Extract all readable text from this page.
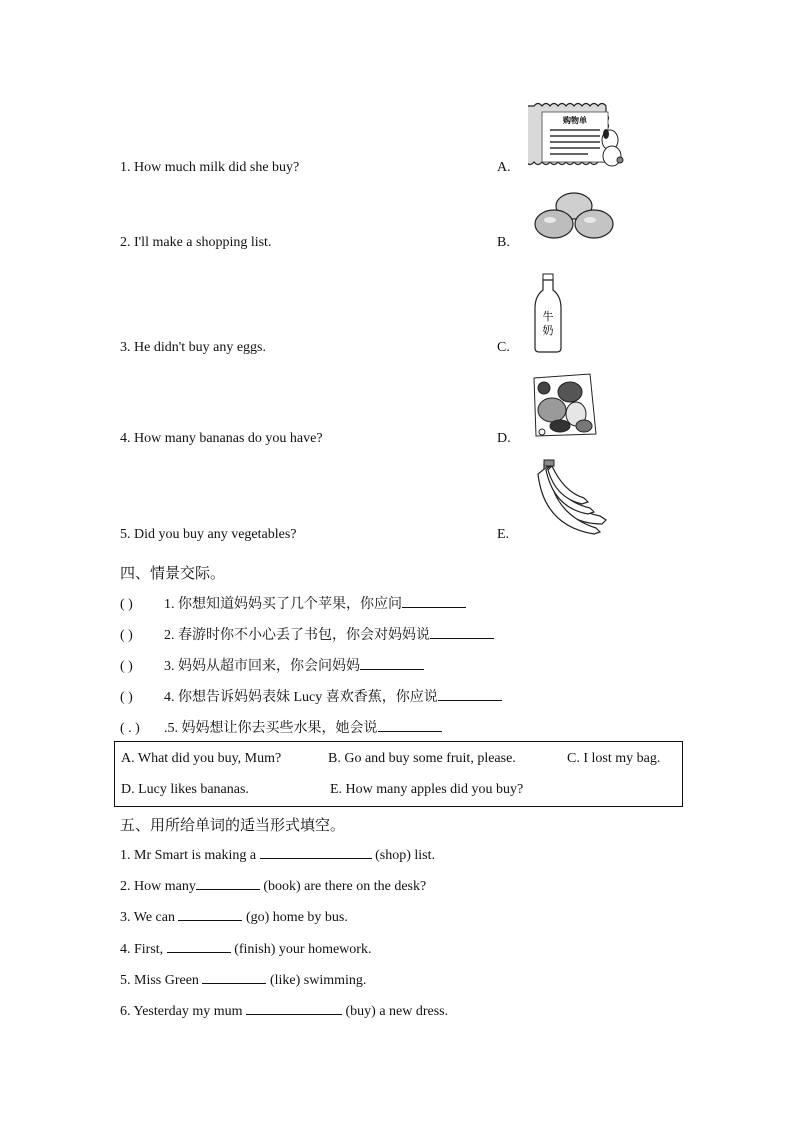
1. How much milk did she buy?	A.
2. I'll make a shopping list.	B.
3. He didn't buy any eggs.	C.
4. How many bananas do you have?	D.
5. Did you buy any vegetables?	E.
购物单
牛
奶
四、情景交际。
( ) 1. 你想知道妈妈买了几个苹果，你应问
( ) 2. 春游时你不小心丢了书包，你会对妈妈说
( ) 3. 妈妈从超市回来，你会问妈妈
( ) 4. 你想告诉妈妈表妹 Lucy 喜欢香蕉，你应说
( . ) .5. 妈妈想让你去买些水果，她会说
A. What did you buy, Mum?	B. Go and buy some fruit, please.	C. I lost my bag.
D. Lucy likes bananas.	E. How many apples did you buy?
五、用所给单词的适当形式填空。
1. Mr Smart is making a	(shop) list.
2. How many	(book) are there on the desk?
3. We can	(go) home by bus.
4. First,	(finish) your homework.
5. Miss Green	(like) swimming.
6. Yesterday my mum	(buy) a new dress.
